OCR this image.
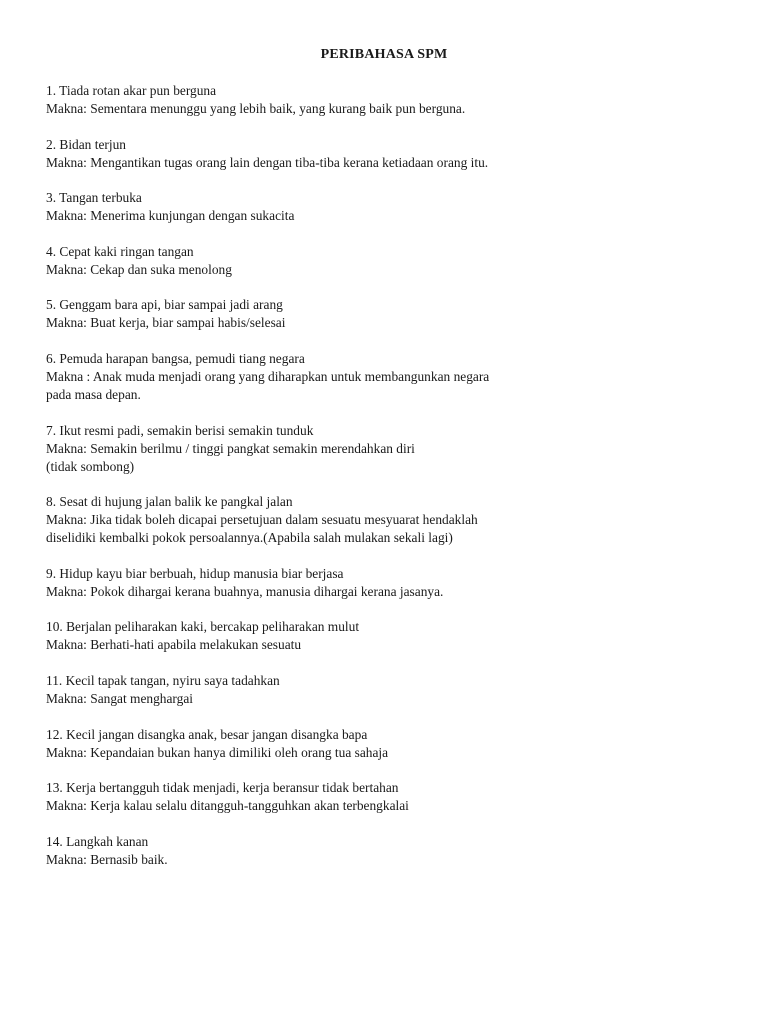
PERIBAHASA SPM
1. Tiada rotan akar pun berguna
Makna: Sementara menunggu yang lebih baik, yang kurang baik pun berguna.
2. Bidan terjun
Makna: Mengantikan tugas orang lain dengan tiba-tiba kerana ketiadaan orang itu.
3. Tangan terbuka
Makna: Menerima kunjungan dengan sukacita
4. Cepat kaki ringan tangan
Makna: Cekap dan suka menolong
5. Genggam bara api, biar sampai jadi arang
Makna: Buat kerja, biar sampai habis/selesai
6. Pemuda harapan bangsa, pemudi tiang negara
Makna : Anak muda menjadi orang yang diharapkan untuk membangunkan negara
pada masa depan.
7. Ikut resmi padi, semakin berisi semakin tunduk
Makna: Semakin berilmu / tinggi pangkat semakin merendahkan diri
(tidak sombong)
8. Sesat di hujung jalan balik ke pangkal jalan
Makna: Jika tidak boleh dicapai persetujuan dalam sesuatu mesyuarat hendaklah
diselidiki kembalki pokok persoalannya.(Apabila salah mulakan sekali lagi)
9. Hidup kayu biar berbuah, hidup manusia biar berjasa
Makna: Pokok dihargai kerana buahnya, manusia dihargai kerana jasanya.
10. Berjalan peliharakan kaki, bercakap peliharakan mulut
Makna: Berhati-hati apabila melakukan sesuatu
11. Kecil tapak tangan, nyiru saya tadahkan
Makna: Sangat menghargai
12. Kecil jangan disangka anak, besar jangan disangka bapa
Makna: Kepandaian bukan hanya dimiliki oleh orang tua sahaja
13. Kerja bertangguh tidak menjadi, kerja beransur tidak bertahan
Makna: Kerja kalau selalu ditangguh-tangguhkan akan terbengkalai
14. Langkah kanan
Makna: Bernasib baik.
